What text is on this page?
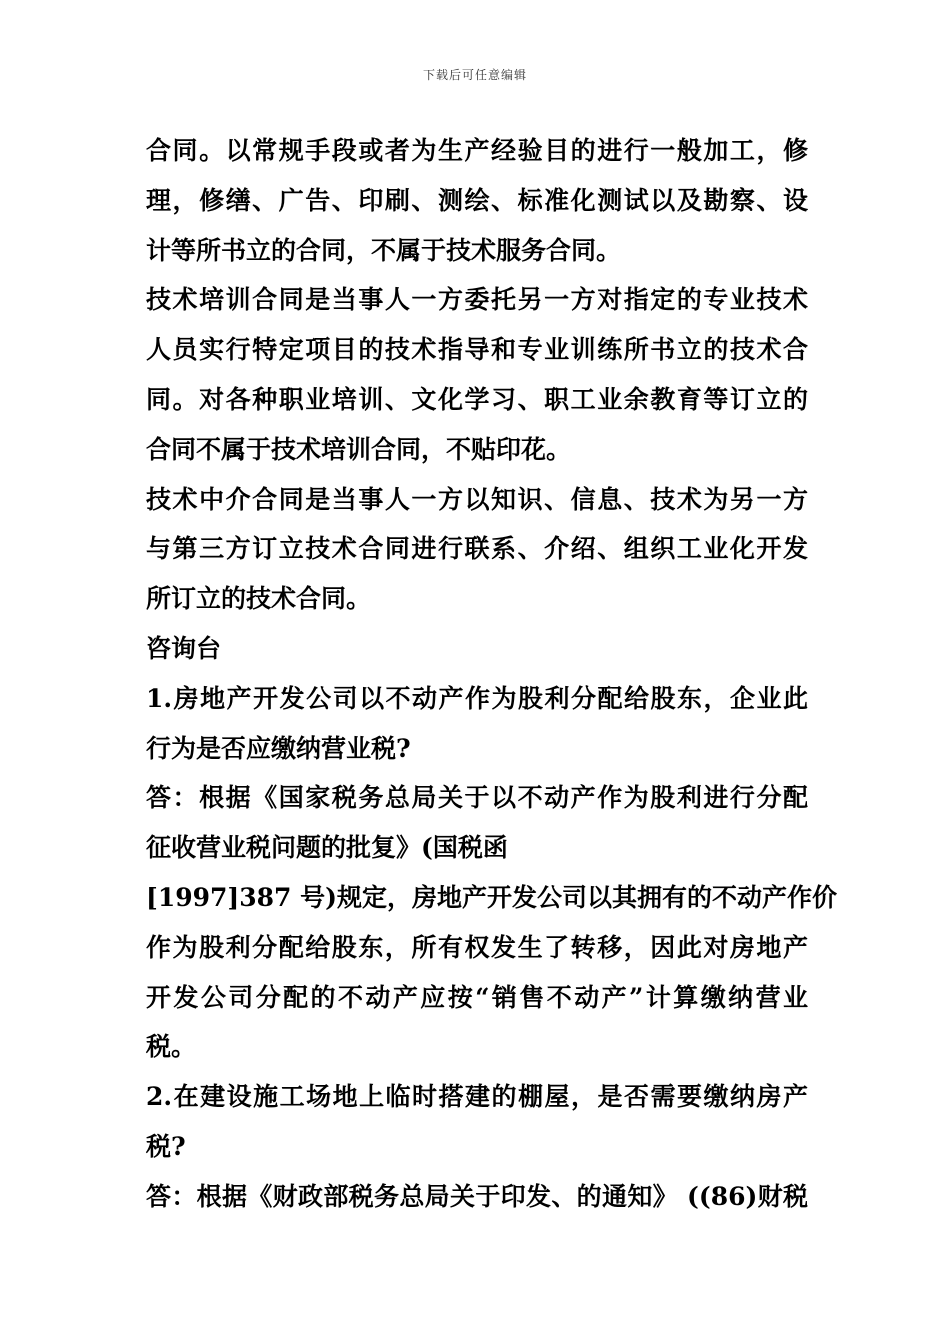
下载后可任意编辑
合同。以常规手段或者为生产经验目的进行一般加工，修
理，修缮、广告、印刷、测绘、标准化测试以及勘察、设
计等所书立的合同，不属于技术服务合同。
技术培训合同是当事人一方委托另一方对指定的专业技术
人员实行特定项目的技术指导和专业训练所书立的技术合
同。对各种职业培训、文化学习、职工业余教育等订立的
合同不属于技术培训合同，不贴印花。
技术中介合同是当事人一方以知识、信息、技术为另一方
与第三方订立技术合同进行联系、介绍、组织工业化开发
所订立的技术合同。
咨询台
1.房地产开发公司以不动产作为股利分配给股东，企业此
行为是否应缴纳营业税?
答：根据《国家税务总局关于以不动产作为股利进行分配
征收营业税问题的批复》(国税函
[1997]387 号)规定，房地产开发公司以其拥有的不动产作价
作为股利分配给股东，所有权发生了转移，因此对房地产
开发公司分配的不动产应按“销售不动产”计算缴纳营业
税。
2.在建设施工场地上临时搭建的棚屋，是否需要缴纳房产
税?
答：根据《财政部税务总局关于印发、的通知》 ((86)财税
